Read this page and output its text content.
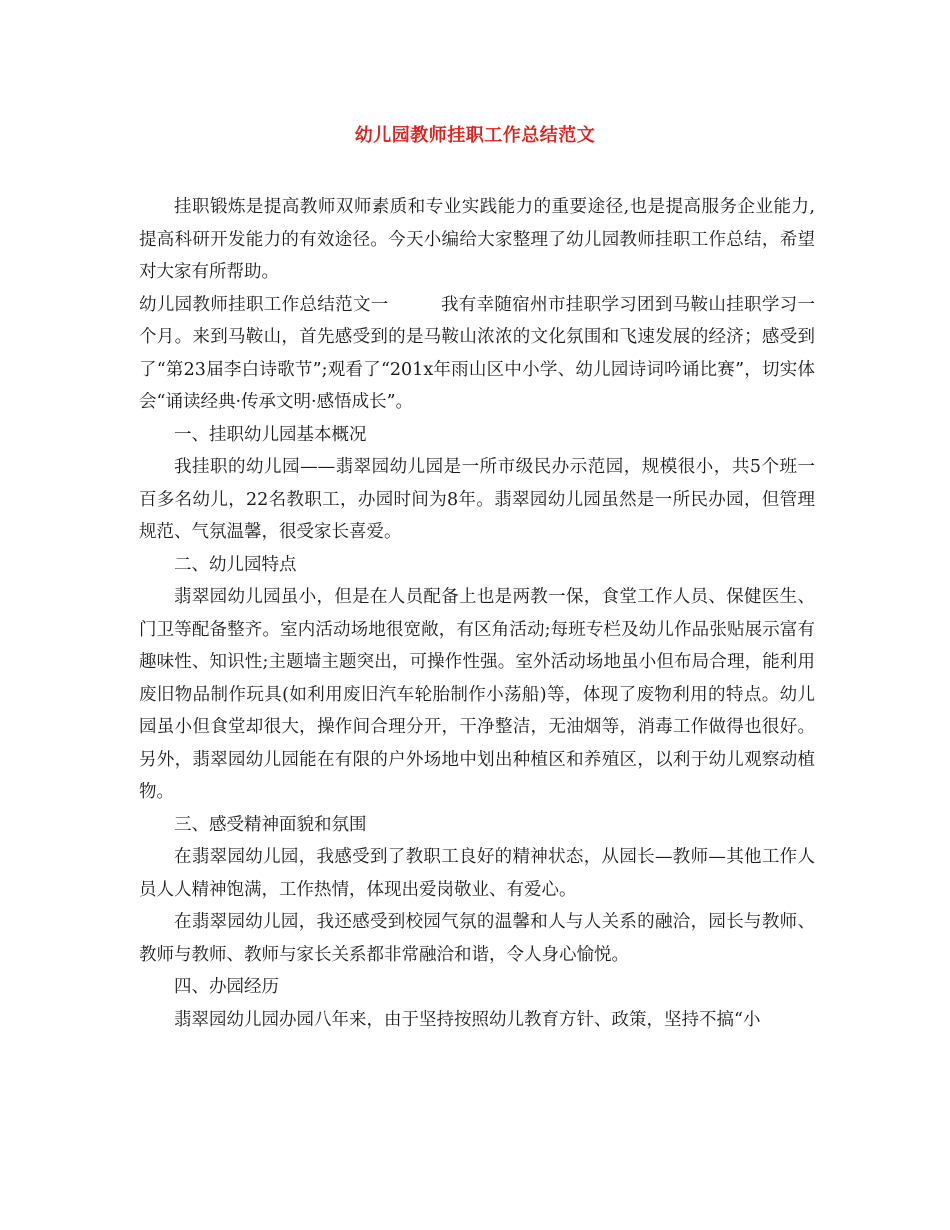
幼儿园教师挂职工作总结范文

挂职锻炼是提高教师双师素质和专业实践能力的重要途径,也是提高服务企业能力,提高科研开发能力的有效途径。今天小编给大家整理了幼儿园教师挂职工作总结，希望对大家有所帮助。

幼儿园教师挂职工作总结范文一	我有幸随宿州市挂职学习团到马鞍山挂职学习一个月。来到马鞍山，首先感受到的是马鞍山浓浓的文化氛围和飞速发展的经济；感受到了“第23届李白诗歌节”;观看了“201x年雨山区中小学、幼儿园诗词吟诵比赛”，切实体会“诵读经典·传承文明·感悟成长”。

一、挂职幼儿园基本概况

我挂职的幼儿园——翡翠园幼儿园是一所市级民办示范园，规模很小，共5个班一百多名幼儿，22名教职工，办园时间为8年。翡翠园幼儿园虽然是一所民办园，但管理规范、气氛温馨，很受家长喜爱。

二、幼儿园特点

翡翠园幼儿园虽小，但是在人员配备上也是两教一保，食堂工作人员、保健医生、门卫等配备整齐。室内活动场地很宽敞，有区角活动;每班专栏及幼儿作品张贴展示富有趣味性、知识性;主题墙主题突出，可操作性强。室外活动场地虽小但布局合理，能利用废旧物品制作玩具(如利用废旧汽车轮胎制作小荡船)等，体现了废物利用的特点。幼儿园虽小但食堂却很大，操作间合理分开，干净整洁，无油烟等，消毒工作做得也很好。另外，翡翠园幼儿园能在有限的户外场地中划出种植区和养殖区，以利于幼儿观察动植物。

三、感受精神面貌和氛围

在翡翠园幼儿园，我感受到了教职工良好的精神状态，从园长—教师—其他工作人员人人精神饱满，工作热情，体现出爱岗敬业、有爱心。

在翡翠园幼儿园，我还感受到校园气氛的温馨和人与人关系的融洽，园长与教师、教师与教师、教师与家长关系都非常融洽和谐，令人身心愉悦。

四、办园经历

翡翠园幼儿园办园八年来，由于坚持按照幼儿教育方针、政策，坚持不搞“小
